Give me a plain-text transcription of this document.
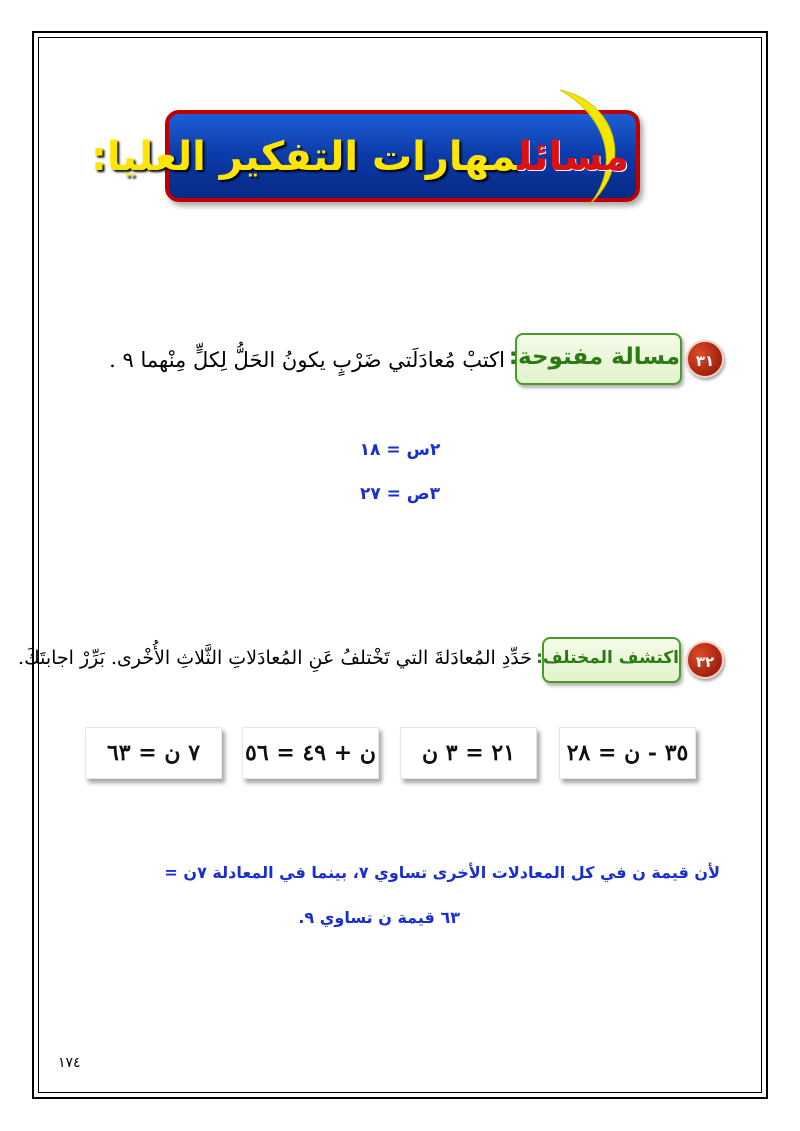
مسائلمهارات التفكير العليا:
٣١
مسالة مفتوحة:
اكتبْ مُعادَلَتي ضَرْبٍ يكونُ الحَلُّ لِكلٍّ مِنْهما ٩ .
٢س = ١٨
٣ص = ٢٧
٣٢
اكتشف المختلف:
حَدِّدِ المُعادَلةَ التي تَخْتلفُ عَنِ المُعادَلاتِ الثَّلاثِ الأُخْرى. بَرِّرْ اجابتَكَ.
٣٥ - ن = ٢٨
٢١ = ٣ ن
ن + ٤٩ = ٥٦
٧ ن = ٦٣
لأن قيمة ن في كل المعادلات الأخرى تساوي ٧، بينما في المعادلة ٧ن =
٦٣ قيمة ن تساوي ٩.
١٧٤
